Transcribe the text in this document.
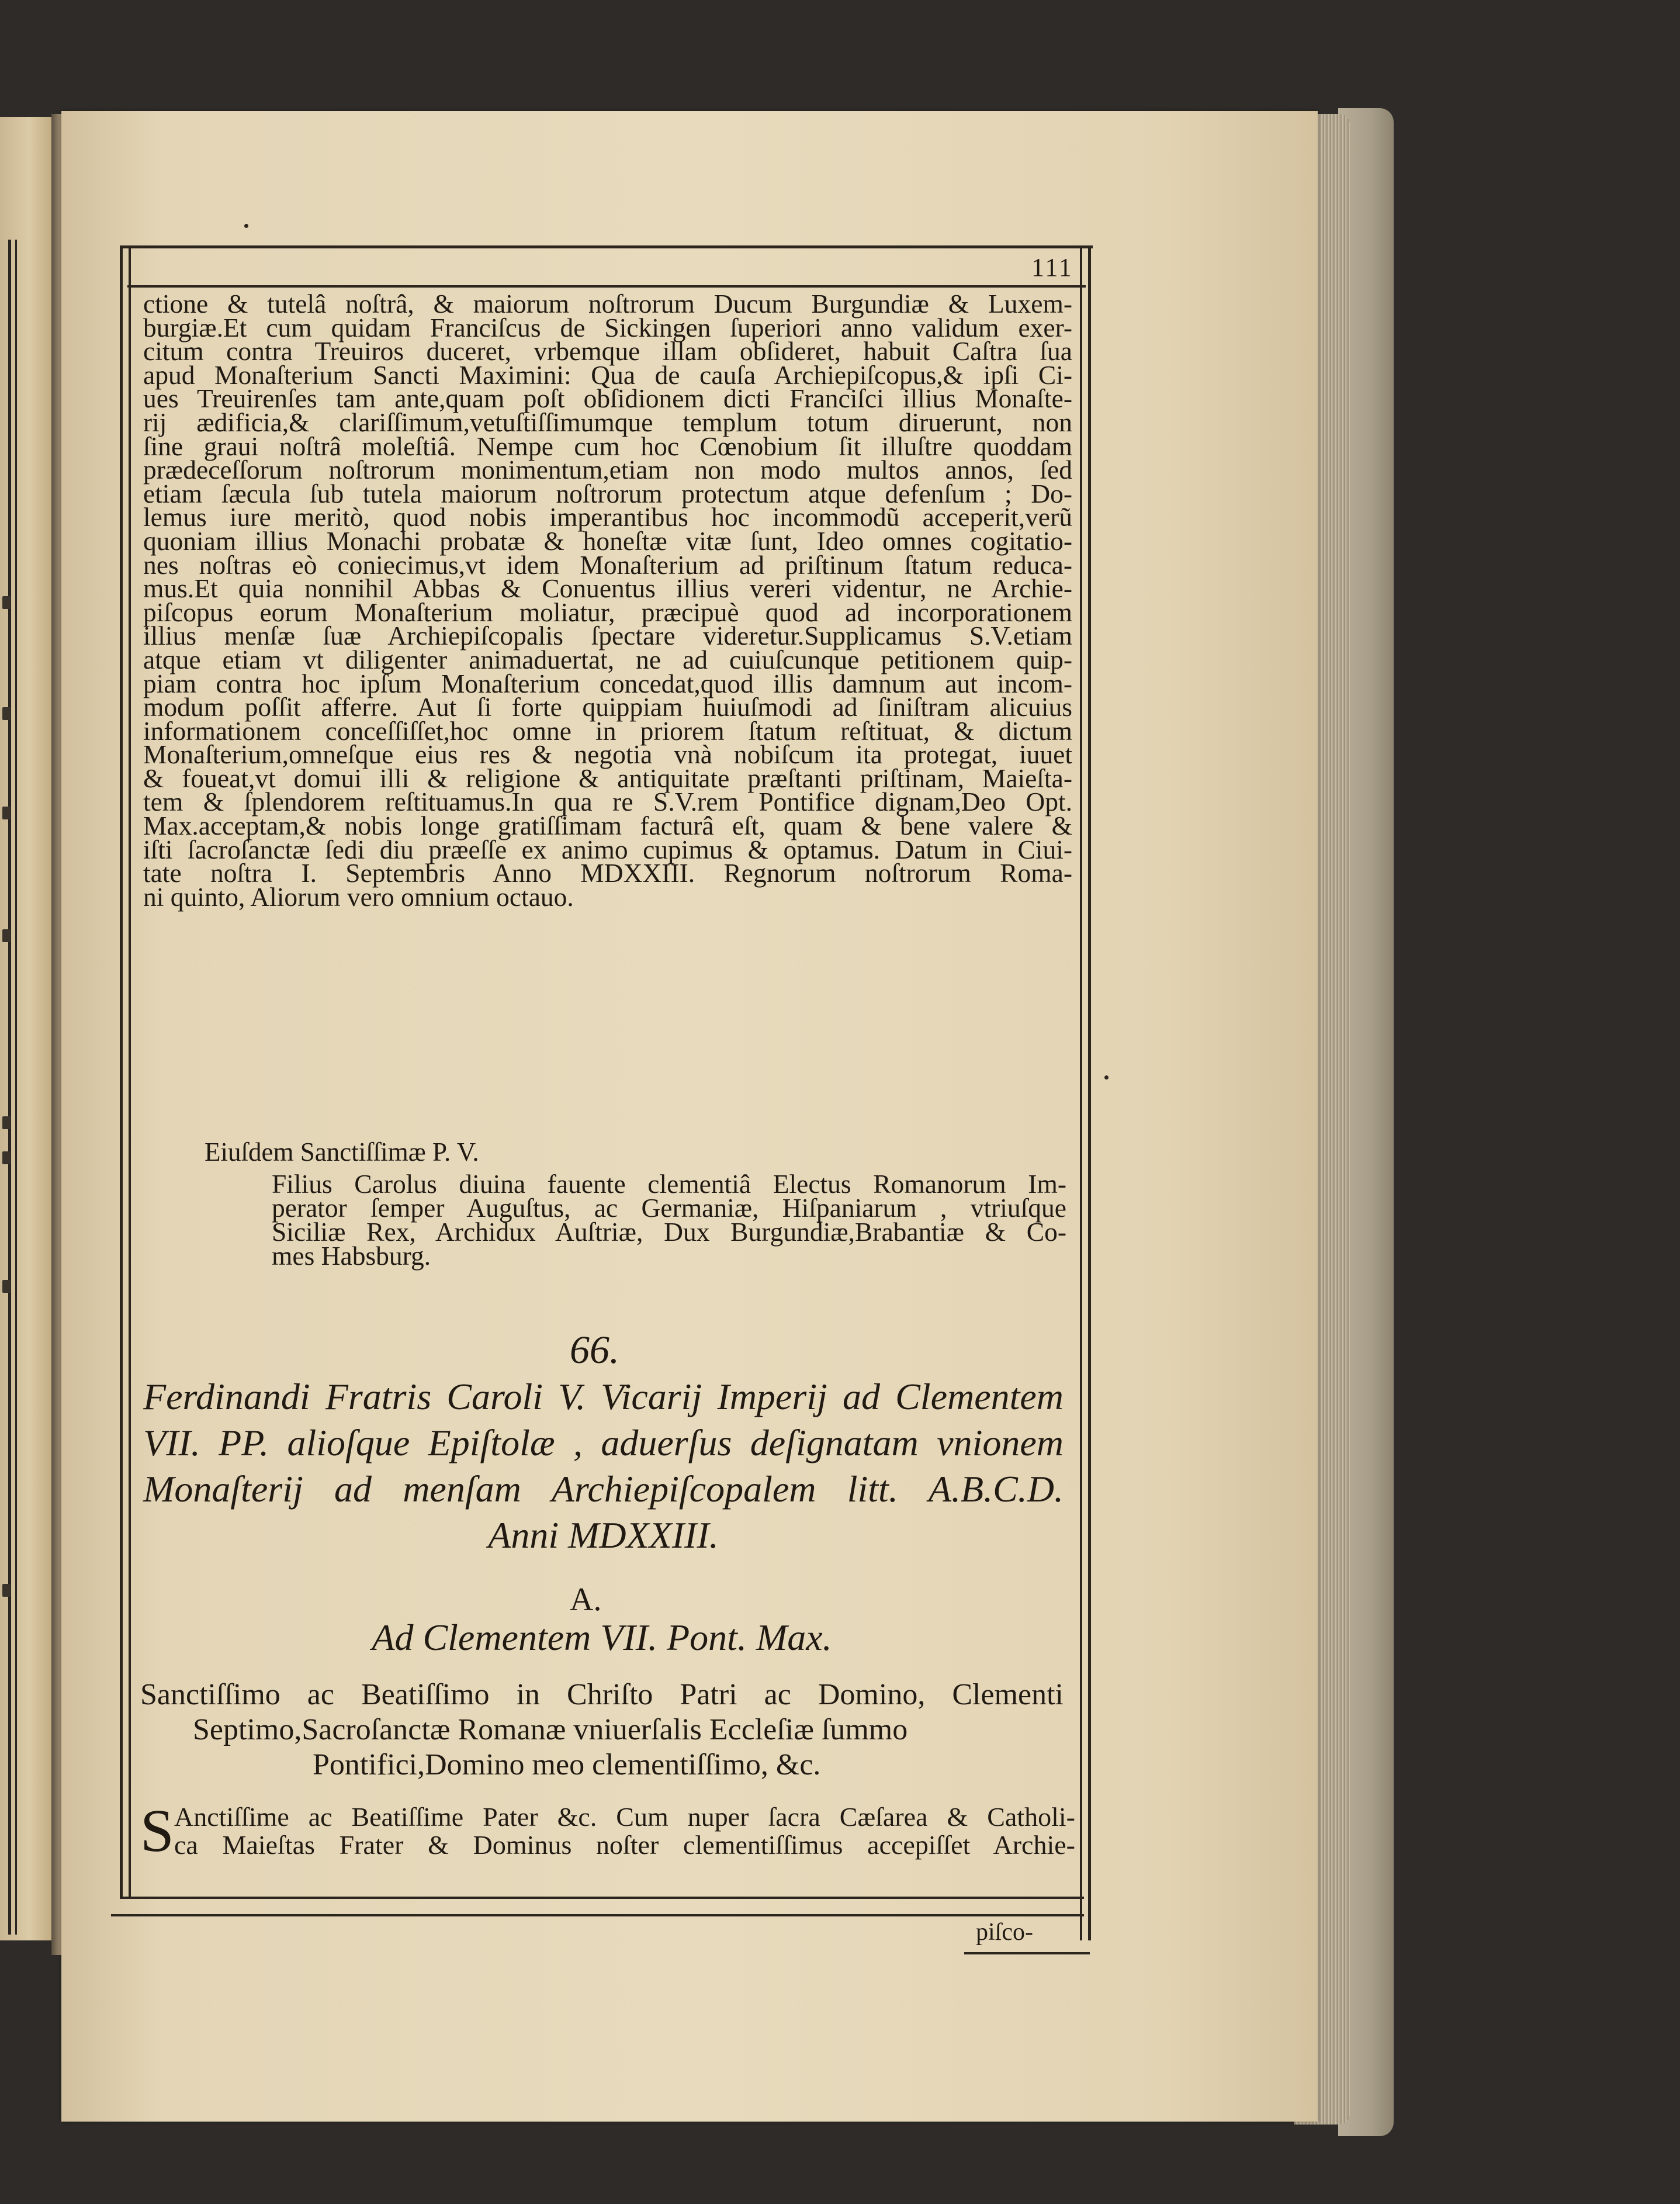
111
ctione & tutelâ noſtrâ, & maiorum noſtrorum Ducum Burgundiæ & Luxem-
burgiæ.Et cum quidam Franciſcus de Sickingen ſuperiori anno validum exer-
citum contra Treuiros duceret, vrbemque illam obſideret, habuit Caſtra ſua
apud Monaſterium Sancti Maximini: Qua de cauſa Archiepiſcopus,& ipſi Ci-
ues Treuirenſes tam ante,quam poſt obſidionem dicti Franciſci illius Monaſte-
rij ædificia,& clariſſimum,vetuſtiſſimumque templum totum diruerunt, non
ſine graui noſtrâ moleſtiâ. Nempe cum hoc Cœnobium ſit illuſtre quoddam
prædeceſſorum noſtrorum monimentum,etiam non modo multos annos, ſed
etiam ſæcula ſub tutela maiorum noſtrorum protectum atque defenſum ; Do-
lemus iure meritò, quod nobis imperantibus hoc incommodũ acceperit,verũ
quoniam illius Monachi probatæ & honeſtæ vitæ ſunt, Ideo omnes cogitatio-
nes noſtras eò coniecimus,vt idem Monaſterium ad priſtinum ſtatum reduca-
mus.Et quia nonnihil Abbas & Conuentus illius vereri videntur, ne Archie-
piſcopus eorum Monaſterium moliatur, præcipuè quod ad incorporationem
illius menſæ ſuæ Archiepiſcopalis ſpectare videretur.Supplicamus S.V.etiam
atque etiam vt diligenter animaduertat, ne ad cuiuſcunque petitionem quip-
piam contra hoc ipſum Monaſterium concedat,quod illis damnum aut incom-
modum poſſit afferre. Aut ſi forte quippiam huiuſmodi ad ſiniſtram alicuius
informationem conceſſiſſet,hoc omne in priorem ſtatum reſtituat, & dictum
Monaſterium,omneſque eius res & negotia vnà nobiſcum ita protegat, iuuet
& foueat,vt domui illi & religione & antiquitate præſtanti priſtinam, Maieſta-
tem & ſplendorem reſtituamus.In qua re S.V.rem Pontifice dignam,Deo Opt.
Max.acceptam,& nobis longe gratiſſimam facturâ eſt, quam & bene valere &
iſti ſacroſanctæ ſedi diu præeſſe ex animo cupimus & optamus. Datum in Ciui-
tate noſtra I. Septembris Anno MDXXIII. Regnorum noſtrorum Roma-
ni quinto, Aliorum vero omnium octauo.
Eiuſdem Sanctiſſimæ P. V.
Filius Carolus diuina fauente clementiâ Electus Romanorum Im-
perator ſemper Auguſtus, ac Germaniæ, Hiſpaniarum , vtriuſque
Siciliæ Rex, Archidux Auſtriæ, Dux Burgundiæ,Brabantiæ & Co-
mes Habsburg.
66.
Ferdinandi Fratris Caroli V. Vicarij Imperij ad Clementem
VII. PP. alioſque Epiſtolæ , aduerſus deſignatam vnionem
Monaſterij ad menſam Archiepiſcopalem litt. A.B.C.D.
Anni MDXXIII.
A.
Ad Clementem VII. Pont. Max.
Sanctiſſimo ac Beatiſſimo in Chriſto Patri ac Domino, Clementi
Septimo,Sacroſanctæ Romanæ vniuerſalis Eccleſiæ ſummo
Pontifici,Domino meo clementiſſimo, &c.
S Anctiſſime ac Beatiſſime Pater &c. Cum nuper ſacra Cæſarea & Catholi-
ca Maieſtas Frater & Dominus noſter clementiſſimus accepiſſet Archie-
piſco-
